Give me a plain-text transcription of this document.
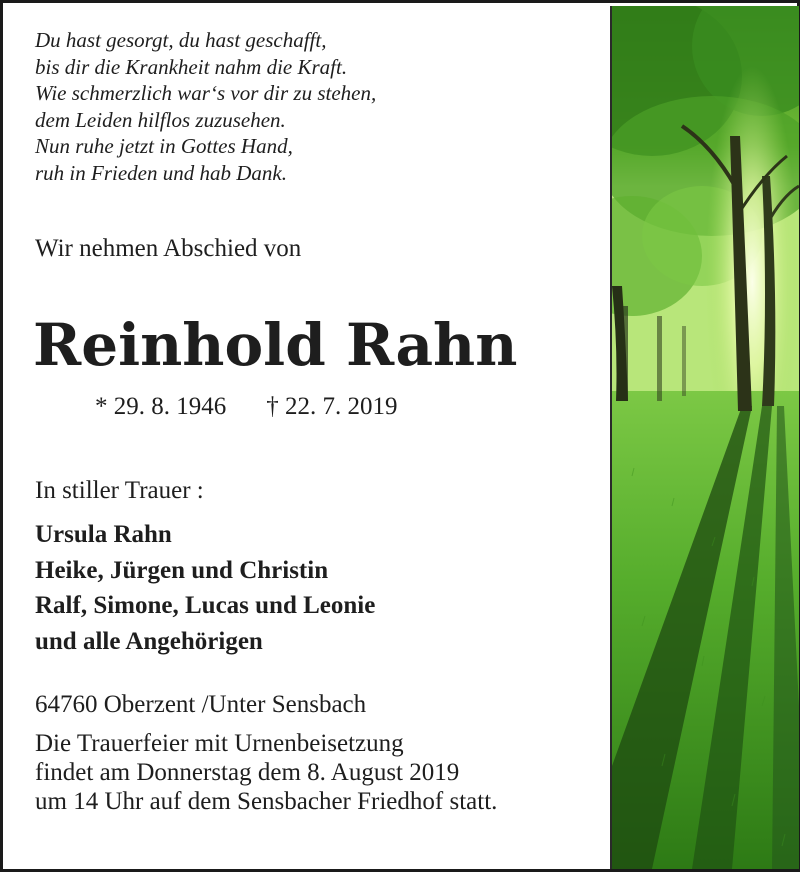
Du hast gesorgt, du hast geschafft,
bis dir die Krankheit nahm die Kraft.
Wie schmerzlich war‘s vor dir zu stehen,
dem Leiden hilflos zuzusehen.
Nun ruhe jetzt in Gottes Hand,
ruh in Frieden und hab Dank.

Wir nehmen Abschied von

Reinhold Rahn

* 29. 8. 1946 † 22. 7. 2019

In stiller Trauer :

Ursula Rahn
Heike, Jürgen und Christin
Ralf, Simone, Lucas und Leonie
und alle Angehörigen

64760 Oberzent /Unter Sensbach

Die Trauerfeier mit Urnenbeisetzung
findet am Donnerstag dem 8. August 2019
um 14 Uhr auf dem Sensbacher Friedhof statt.
